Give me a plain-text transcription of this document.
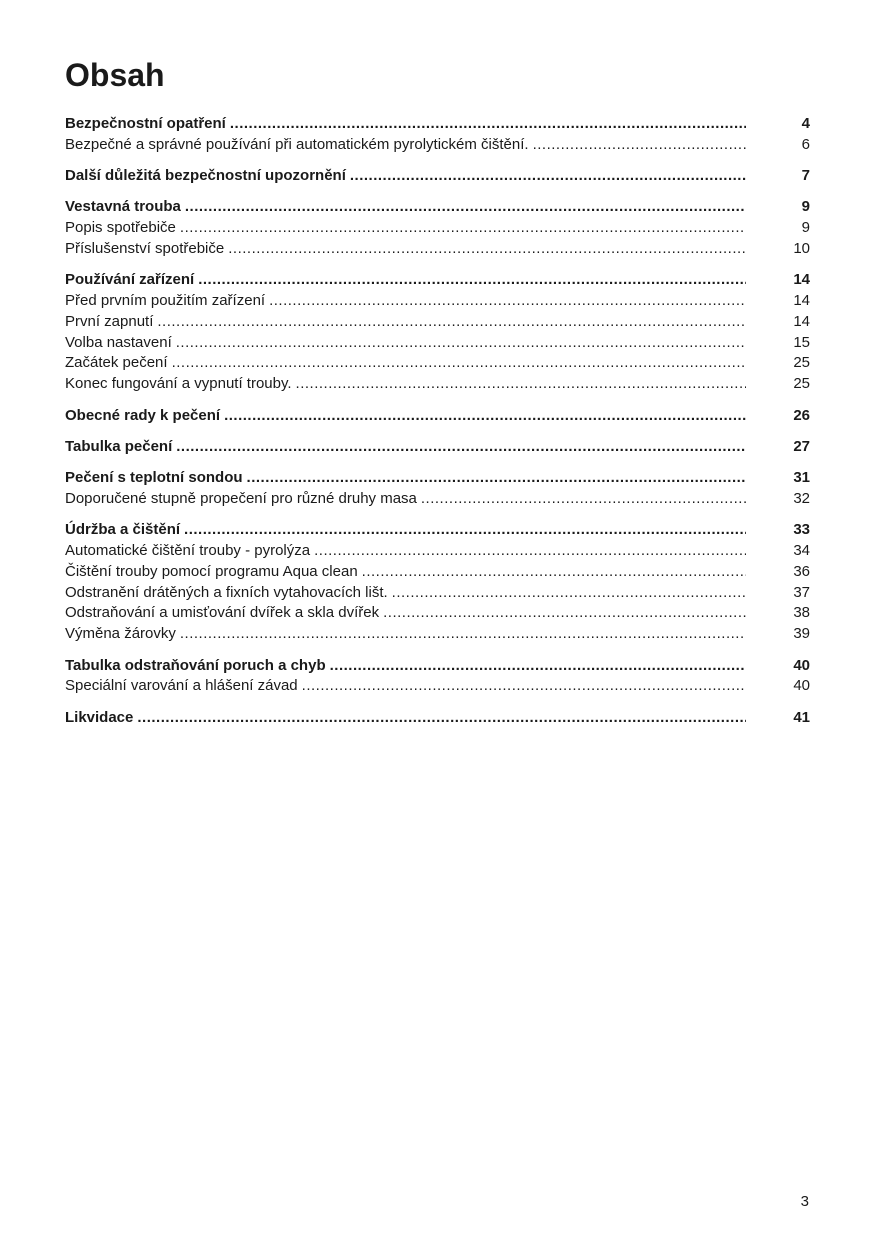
Obsah
Bezpečnostní opatření .....	4
Bezpečné a správné používání při automatickém pyrolytickém čištění. .....	6
Další důležitá bezpečnostní upozornění .....	7
Vestavná trouba .....	9
Popis spotřebiče .....	9
Příslušenství spotřebiče .....	10
Používání zařízení .....	14
Před prvním použitím zařízení .....	14
První zapnutí .....	14
Volba nastavení .....	15
Začátek pečení .....	25
Konec fungování a vypnutí trouby. .....	25
Obecné rady k pečení .....	26
Tabulka pečení .....	27
Pečení s teplotní sondou .....	31
Doporučené stupně propečení pro různé druhy masa .....	32
Údržba a čištění .....	33
Automatické čištění trouby - pyrolýza .....	34
Čištění trouby pomocí programu Aqua clean .....	36
Odstranění drátěných a fixních vytahovacích lišt. .....	37
Odstraňování a umisťování dvířek a skla dvířek .....	38
Výměna žárovky .....	39
Tabulka odstraňování poruch a chyb .....	40
Speciální varování a hlášení závad .....	40
Likvidace .....	41
3
